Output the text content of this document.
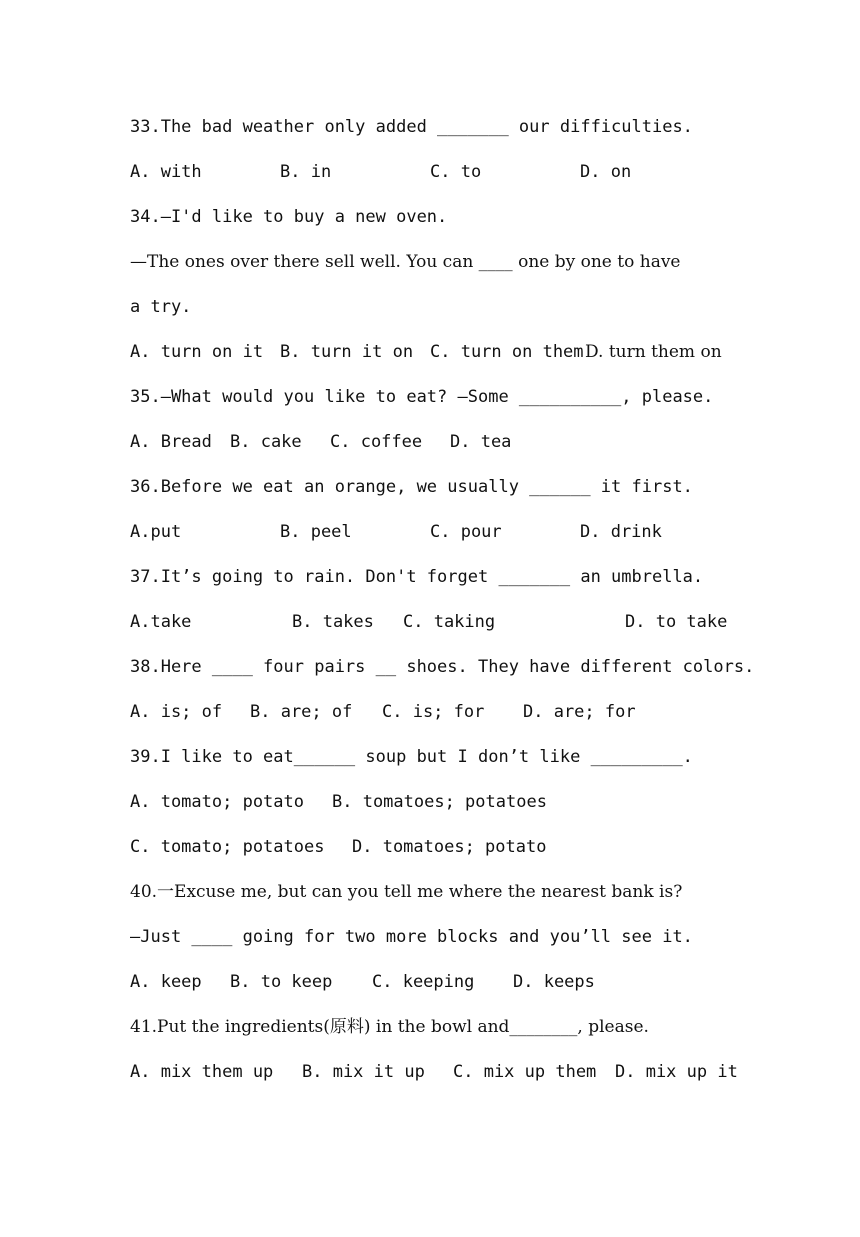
33.The bad weather only added _______ our difficulties.

A. with

	B. in

	C. to

	D. on

34.—I'd like to buy a new oven.
—The ones over there sell well. You can ____ one by one to have
a try.

A. turn on it

B. turn it on

C. turn on them

D. turn them on

35.—What would you like to eat? —Some __________, please.

A. Bread

B. cake

C. coffee

D. tea

36.Before we eat an orange, we usually ______ it first.

A.put

	B. peel

	C. pour

	D. drink

37.It’s going to rain. Don't forget _______ an umbrella.

A.take

	B. takes

C. taking

	D. to take

38.Here ____ four pairs __ shoes. They have different colors.

A. is; of

B. are; of

C. is; for

D. are; for

39.I like to eat______ soup but I don’t like _________.

A. tomato; potato

B. tomatoes; potatoes

C. tomato; potatoes

D. tomatoes; potato

40.一Excuse me, but can you tell me where the nearest bank is?
—Just ____ going for two more blocks and you’ll see it.

A. keep

B. to keep

C. keeping

D. keeps

41.Put the ingredients(原料) in the bowl and________, please.

A. mix them up

B. mix it up

C. mix up them

D. mix up it
